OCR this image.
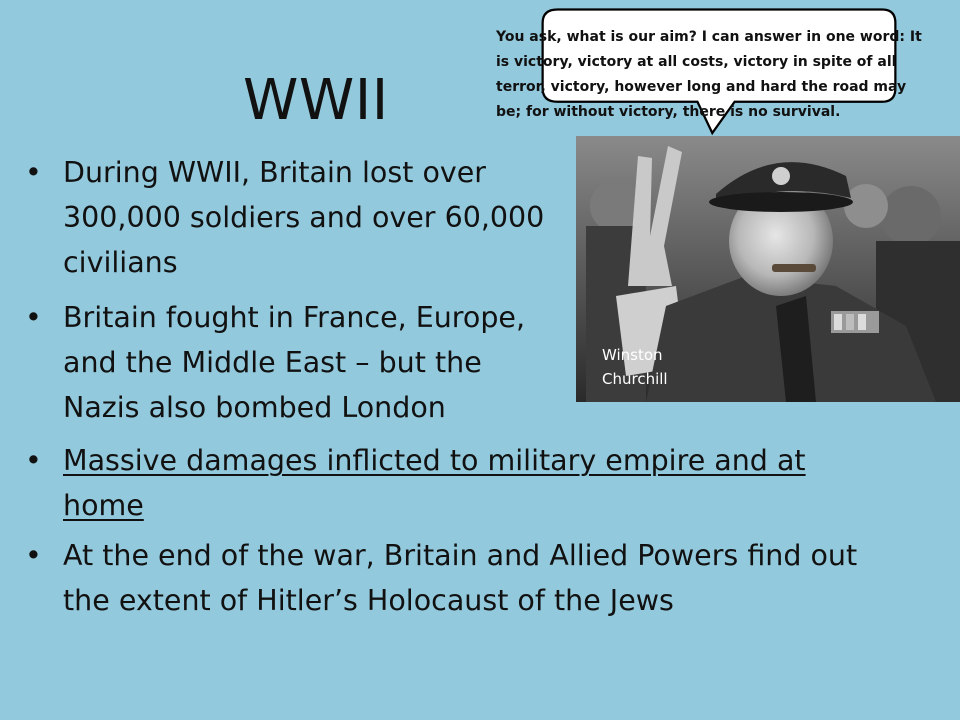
WWII
• During WWII, Britain lost over
300,000 soldiers and over 60,000
civilians
• Britain fought in France, Europe,
and the Middle East – but the
Nazis also bombed London
• Massive damages inflicted to military empire and at
home
• At the end of the war, Britain and Allied Powers find out
the extent of Hitler’s Holocaust of the Jews
Winston
Churchill
You ask, what is our aim? I can answer in one word: It
is victory, victory at all costs, victory in spite of all
terror, victory, however long and hard the road may
be; for without victory, there is no survival.
